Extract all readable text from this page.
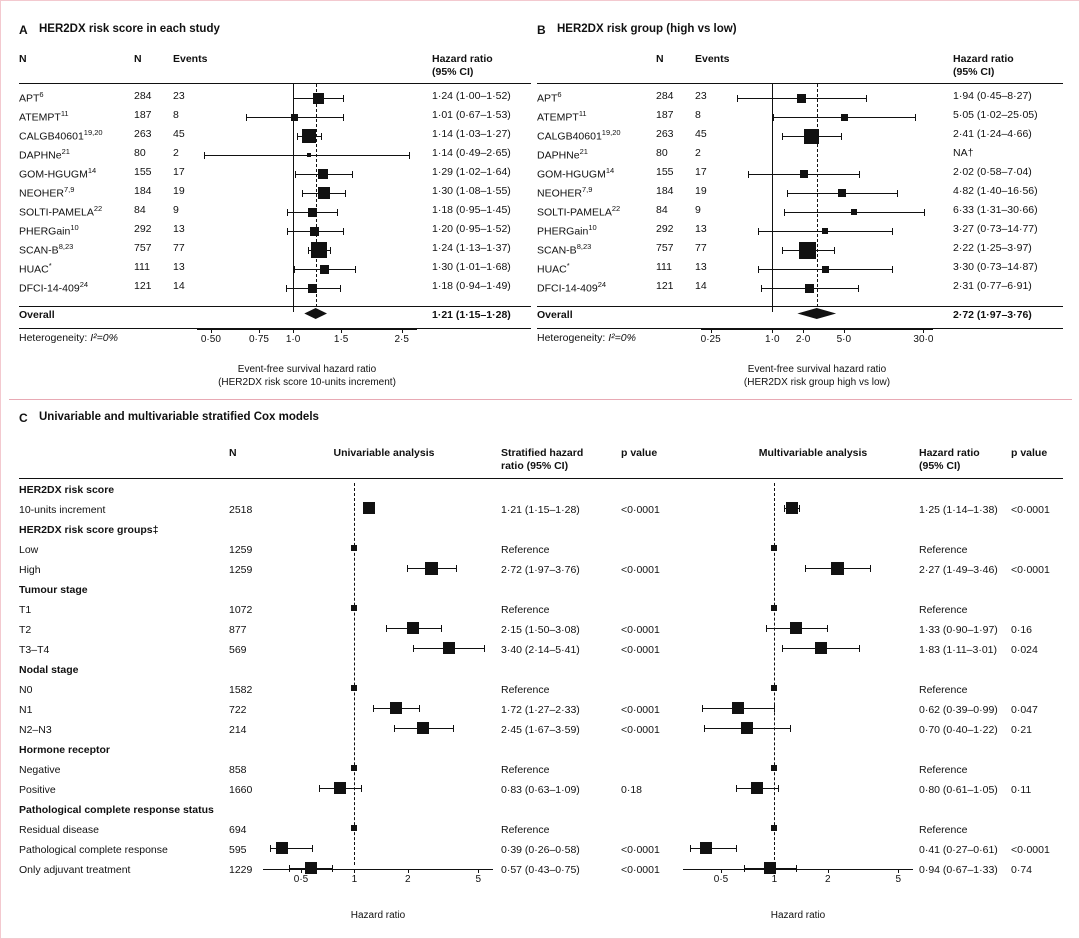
A HER2DX risk score in each study
N	N	Events	Hazard ratio
(95% CI)
0·50	0·75 1·0	1·5	2·5
APT$^6$	284 23	1·24 (1·00–1·52)
ATEMPT$^{11}$	187 8	1·01 (0·67–1·53)
CALGB40601$^{19,20}$	263 45	1·14 (1·03–1·27)
DAPHNe$^{21}$	80	2	1·14 (0·49–2·65)
GOM-HGUGM$^{14}$	155 17	1·29 (1·02–1·64)
NEOHER$^{7,9}$	184 19	1·30 (1·08–1·55)
SOLTI-PAMELA$^{22}$	84	9	1·18 (0·95–1·45)
PHERGain$^{10}$	292 13	1·20 (0·95–1·52)
SCAN-$B^{8,23}$	757 77	1·24 (1·13–1·37)
HUAC*	111 13	1·30 (1·01–1·68)
DFCI-$14-409^{24}$	121 14	1·18 (0·94–1·49)
Overall	1·21 (1·15–1·28)
Heterogeneity: I²=0%
Event-free survival hazard ratio
(HER2DX risk score 10-units increment)
B HER2DX risk group (high vs low)
N	Events	Hazard ratio
(95% CI)
0·25	1·0 2·0	5·0	30·0
APT$^6$	284 23	1·94 (0·45–8·27)
ATEMPT$^{11}$	187 8	5·05 (1·02–25·05)
CALGB40601$^{19,20}$	263 45	2·41 (1·24–4·66)
DAPHNe$^{21}$	80	2	NA†
GOM-HGUGM$^{14}$	155 17	2·02 (0·58–7·04)
NEOHER$^{7,9}$	184 19	4·82 (1·40–16·56)
SOLTI-PAMELA$^{22}$	84	9	6·33 (1·31–30·66)
PHERGain$^{10}$	292 13	3·27 (0·73–14·77)
SCAN-$B^{8,23}$	757 77	2·22 (1·25–3·97)
HUAC*	111 13	3·30 (0·73–14·87)
DFCI-$14-409^{24}$	121 14	2·31 (0·77–6·91)
Overall	2·72 (1·97–3·76)
Heterogeneity: I²=0%
Event-free survival hazard ratio
(HER2DX risk group high vs low)
C Univariable and multivariable stratified Cox models
N	Univariable analysis	Stratified hazard
ratio (95% CI)
p value	Multivariable analysis	Hazard ratio
(95% CI)
p value
0·5	1	2	5	0·5	1	2	5
HER2DX risk score
10-units increment	2518	1·21 (1·15–1·28)	<0·0001	1·25 (1·14–1·38) <0·0001
HER2DX risk score groups‡
Low	1259	Reference	Reference
High	1259	2·72 (1·97–3·76)	<0·0001	2·27 (1·49–3·46) <0·0001
Tumour stage
T1	1072	Reference	Reference
T2	877	2·15 (1·50–3·08)	<0·0001	1·33 (0·90–1·97) 0·16
T3–T4	569	3·40 (2·14–5·41)	<0·0001	1·83 (1·11–3·01) 0·024
Nodal stage
N0	1582	Reference	Reference
N1	722	1·72 (1·27–2·33)	<0·0001	0·62 (0·39–0·99) 0·047
N2–N3	214	2·45 (1·67–3·59)	<0·0001	0·70 (0·40–1·22) 0·21
Hormone receptor
Negative	858	Reference	Reference
Positive	1660	0·83 (0·63–1·09)	0·18	0·80 (0·61–1·05) 0·11
Pathological complete response status
Residual disease	694	Reference	Reference
Pathological complete response	595	0·39 (0·26–0·58)	<0·0001	0·41 (0·27–0·61) <0·0001
Only adjuvant treatment	1229	0·57 (0·43–0·75)	<0·0001	0·94 (0·67–1·33) 0·74
Hazard ratio	Hazard ratio
